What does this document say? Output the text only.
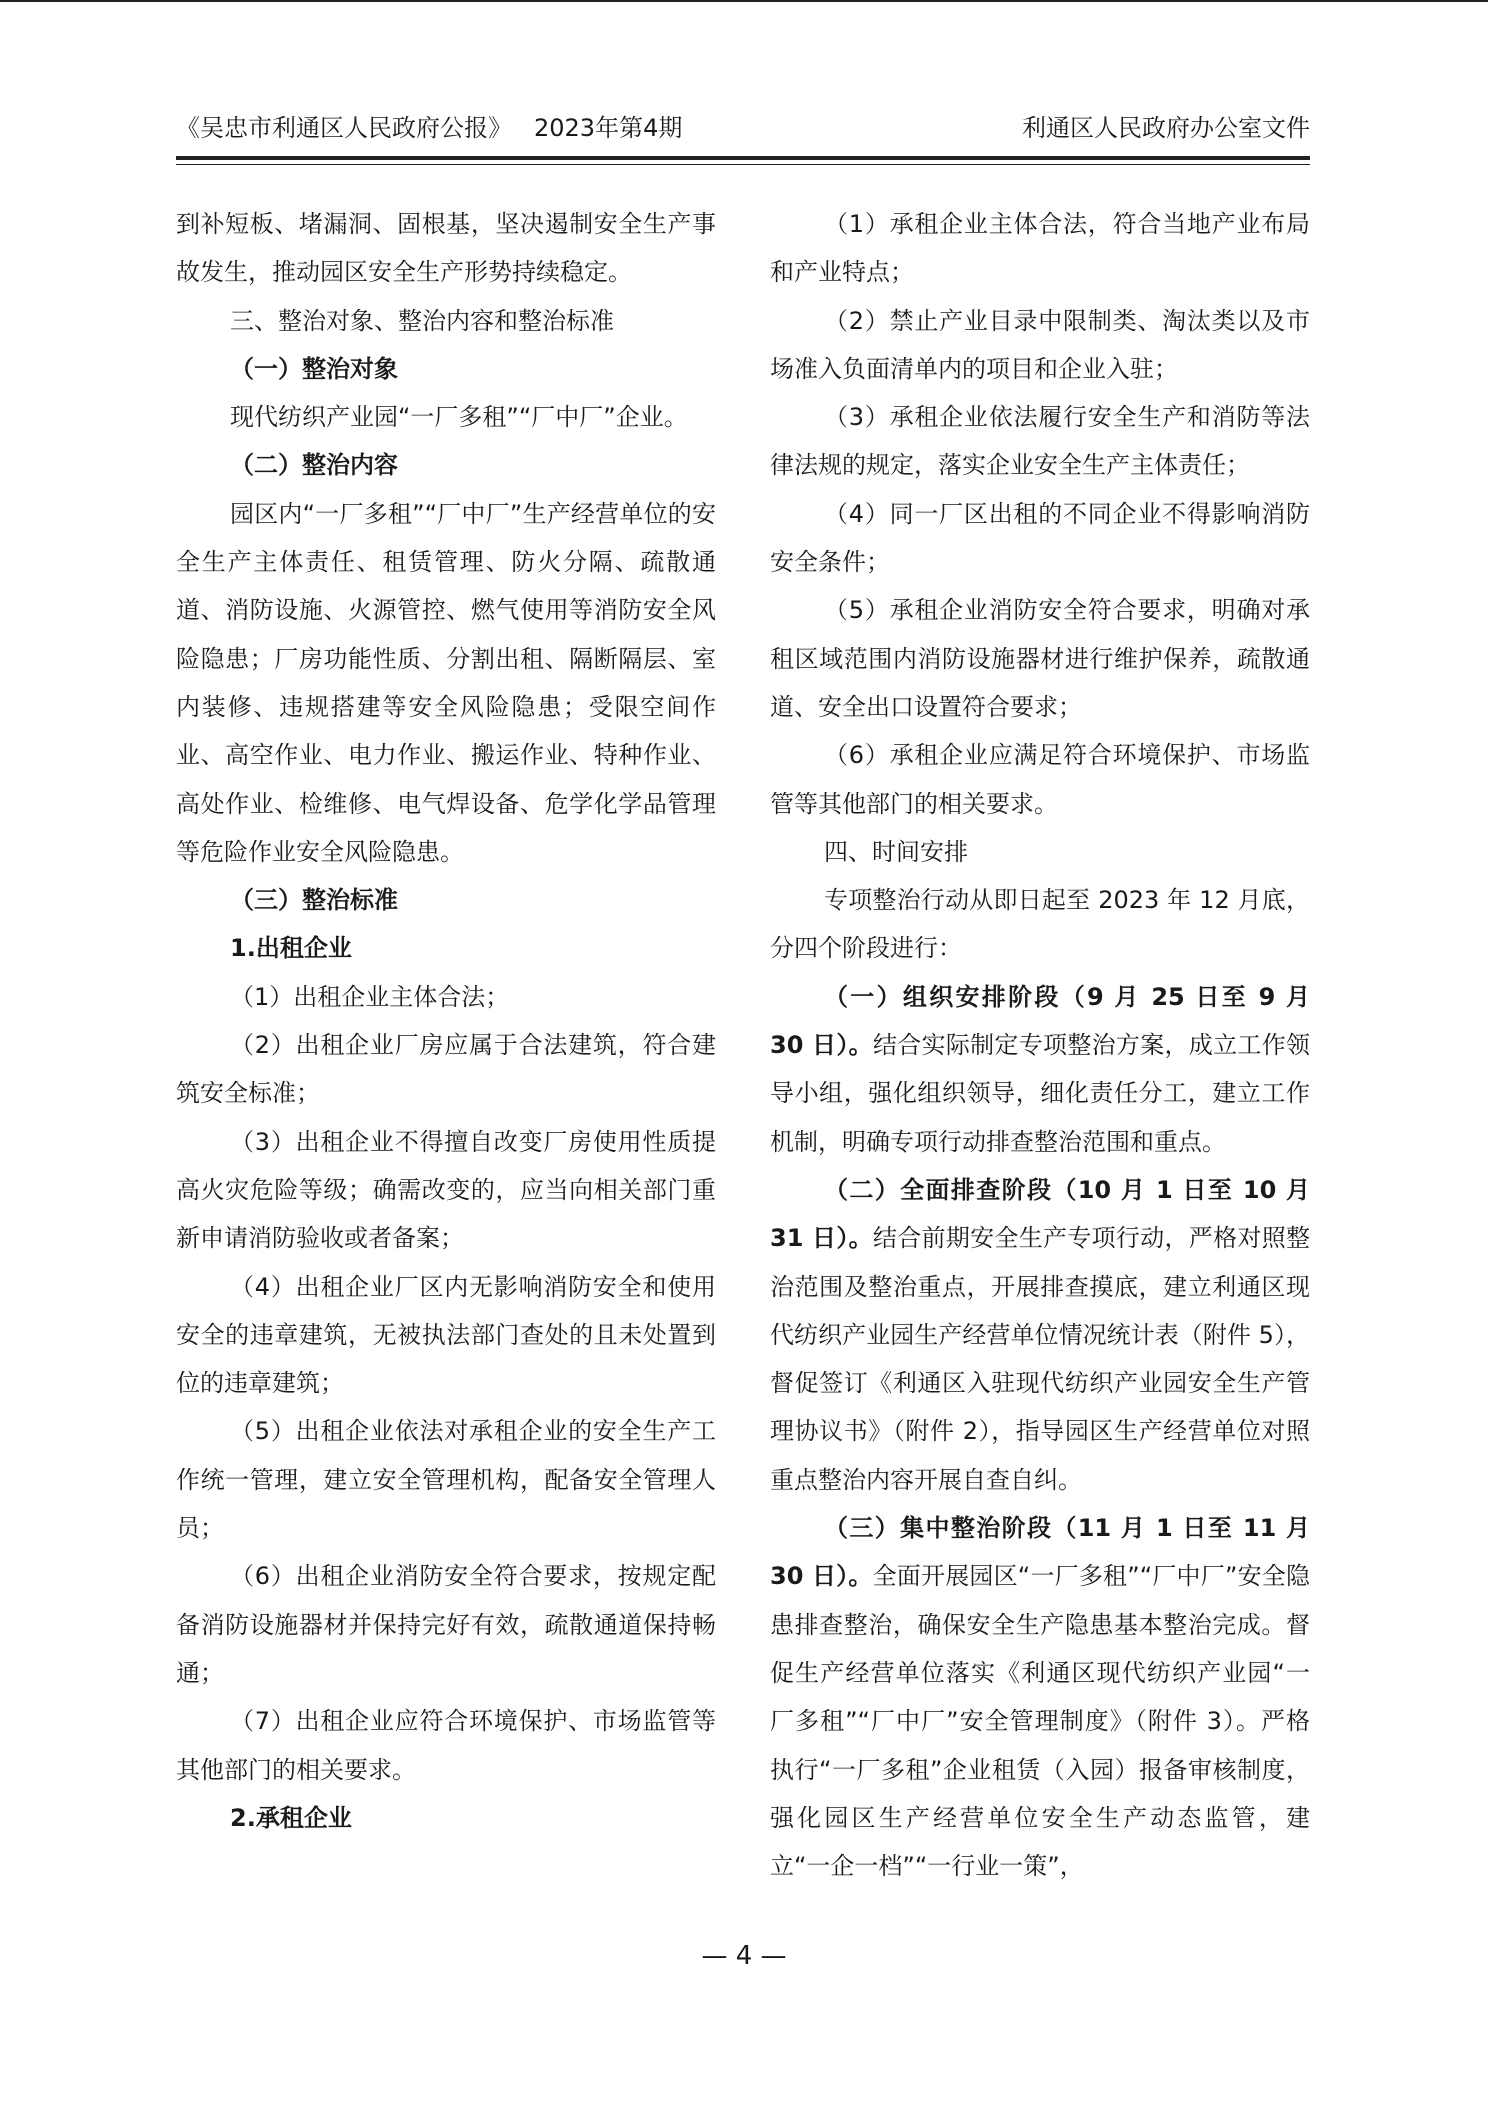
《吴忠市利通区人民政府公报》 2023年第4期	利通区人民政府办公室文件

到补短板、堵漏洞、固根基，坚决遏制安全生产事故发生，推动园区安全生产形势持续稳定。

三、整治对象、整治内容和整治标准

（一）整治对象

现代纺织产业园“一厂多租”“厂中厂”企业。

（二）整治内容

园区内“一厂多租”“厂中厂”生产经营单位的安全生产主体责任、租赁管理、防火分隔、疏散通道、消防设施、火源管控、燃气使用等消防安全风险隐患；厂房功能性质、分割出租、隔断隔层、室内装修、违规搭建等安全风险隐患；受限空间作业、高空作业、电力作业、搬运作业、特种作业、高处作业、检维修、电气焊设备、危学化学品管理等危险作业安全风险隐患。

（三）整治标准

1.出租企业

（1）出租企业主体合法；

（2）出租企业厂房应属于合法建筑，符合建筑安全标准；

（3）出租企业不得擅自改变厂房使用性质提高火灾危险等级；确需改变的，应当向相关部门重新申请消防验收或者备案；

（4）出租企业厂区内无影响消防安全和使用安全的违章建筑，无被执法部门查处的且未处置到位的违章建筑；

（5）出租企业依法对承租企业的安全生产工作统一管理，建立安全管理机构，配备安全管理人员；

（6）出租企业消防安全符合要求，按规定配备消防设施器材并保持完好有效，疏散通道保持畅通；

（7）出租企业应符合环境保护、市场监管等其他部门的相关要求。

2.承租企业

（1）承租企业主体合法，符合当地产业布局和产业特点；

（2）禁止产业目录中限制类、淘汰类以及市场准入负面清单内的项目和企业入驻；

（3）承租企业依法履行安全生产和消防等法律法规的规定，落实企业安全生产主体责任；

（4）同一厂区出租的不同企业不得影响消防安全条件；

（5）承租企业消防安全符合要求，明确对承租区域范围内消防设施器材进行维护保养，疏散通道、安全出口设置符合要求；

（6）承租企业应满足符合环境保护、市场监管等其他部门的相关要求。

四、时间安排

专项整治行动从即日起至 2023 年 12 月底，分四个阶段进行：

（一）组织安排阶段（9 月 25 日至 9 月 30 日）。结合实际制定专项整治方案，成立工作领导小组，强化组织领导，细化责任分工，建立工作机制，明确专项行动排查整治范围和重点。

（二）全面排查阶段（10 月 1 日至 10 月 31 日）。结合前期安全生产专项行动，严格对照整治范围及整治重点，开展排查摸底，建立利通区现代纺织产业园生产经营单位情况统计表（附件 5），督促签订《利通区入驻现代纺织产业园安全生产管理协议书》（附件 2），指导园区生产经营单位对照重点整治内容开展自查自纠。

（三）集中整治阶段（11 月 1 日至 11 月 30 日）。全面开展园区“一厂多租”“厂中厂”安全隐患排查整治，确保安全生产隐患基本整治完成。督促生产经营单位落实《利通区现代纺织产业园“一厂多租”“厂中厂”安全管理制度》（附件 3）。严格执行“一厂多租”企业租赁（入园）报备审核制度，强化园区生产经营单位安全生产动态监管，建立“一企一档”“一行业一策”，

— 4 —
